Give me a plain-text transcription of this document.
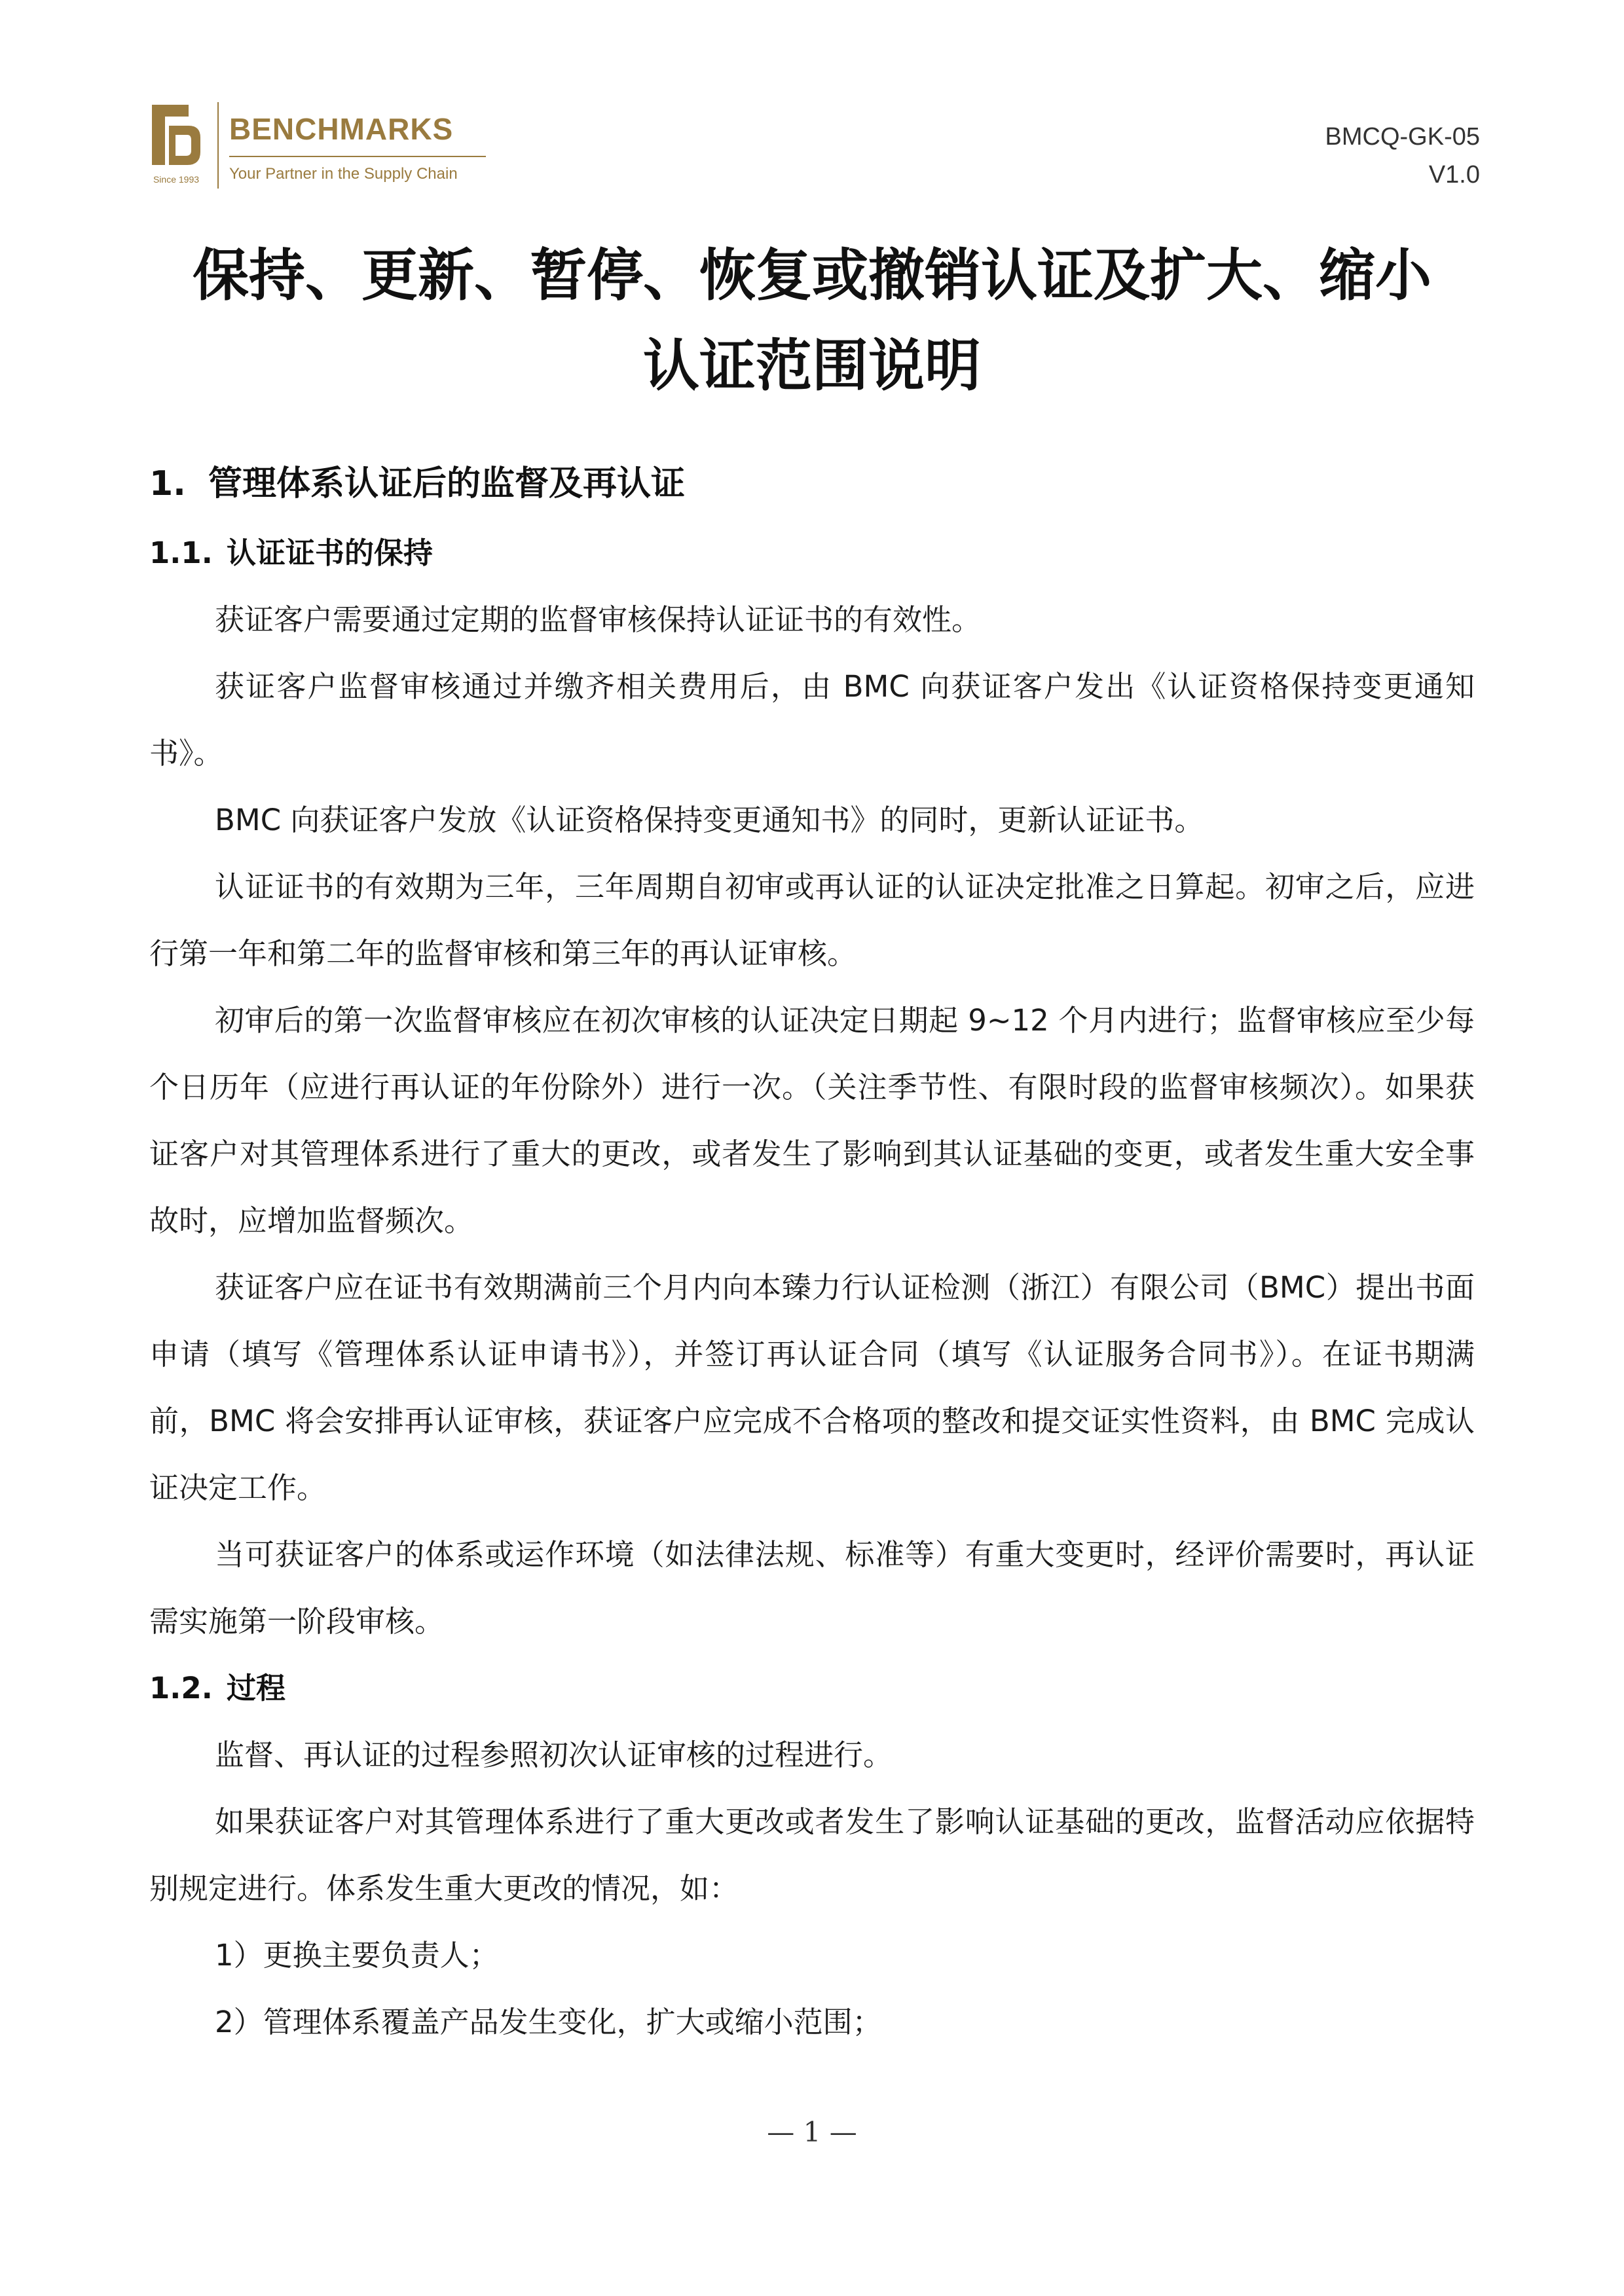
Since 1993
BENCHMARKS
Your Partner in the Supply Chain
BMCQ-GK-05
V1.0
保持、更新、暂停、恢复或撤销认证及扩大、缩小
认证范围说明
1. 管理体系认证后的监督及再认证
1.1. 认证证书的保持

获证客户需要通过定期的监督审核保持认证证书的有效性。

获证客户监督审核通过并缴齐相关费用后，由 BMC 向获证客户发出《认证资格保持变更通知书》。

BMC 向获证客户发放《认证资格保持变更通知书》的同时，更新认证证书。

认证证书的有效期为三年，三年周期自初审或再认证的认证决定批准之日算起。初审之后，应进行第一年和第二年的监督审核和第三年的再认证审核。

初审后的第一次监督审核应在初次审核的认证决定日期起 9~12 个月内进行；监督审核应至少每个日历年（应进行再认证的年份除外）进行一次。（关注季节性、有限时段的监督审核频次）。如果获证客户对其管理体系进行了重大的更改，或者发生了影响到其认证基础的变更，或者发生重大安全事故时，应增加监督频次。

获证客户应在证书有效期满前三个月内向本臻力行认证检测（浙江）有限公司（BMC）提出书面申请（填写《管理体系认证申请书》），并签订再认证合同（填写《认证服务合同书》）。在证书期满前，BMC 将会安排再认证审核，获证客户应完成不合格项的整改和提交证实性资料，由 BMC 完成认证决定工作。

当可获证客户的体系或运作环境（如法律法规、标准等）有重大变更时，经评价需要时，再认证需实施第一阶段审核。

1.2. 过程

监督、再认证的过程参照初次认证审核的过程进行。

如果获证客户对其管理体系进行了重大更改或者发生了影响认证基础的更改，监督活动应依据特别规定进行。体系发生重大更改的情况，如：

1）更换主要负责人；

2）管理体系覆盖产品发生变化，扩大或缩小范围；

— 1 —
